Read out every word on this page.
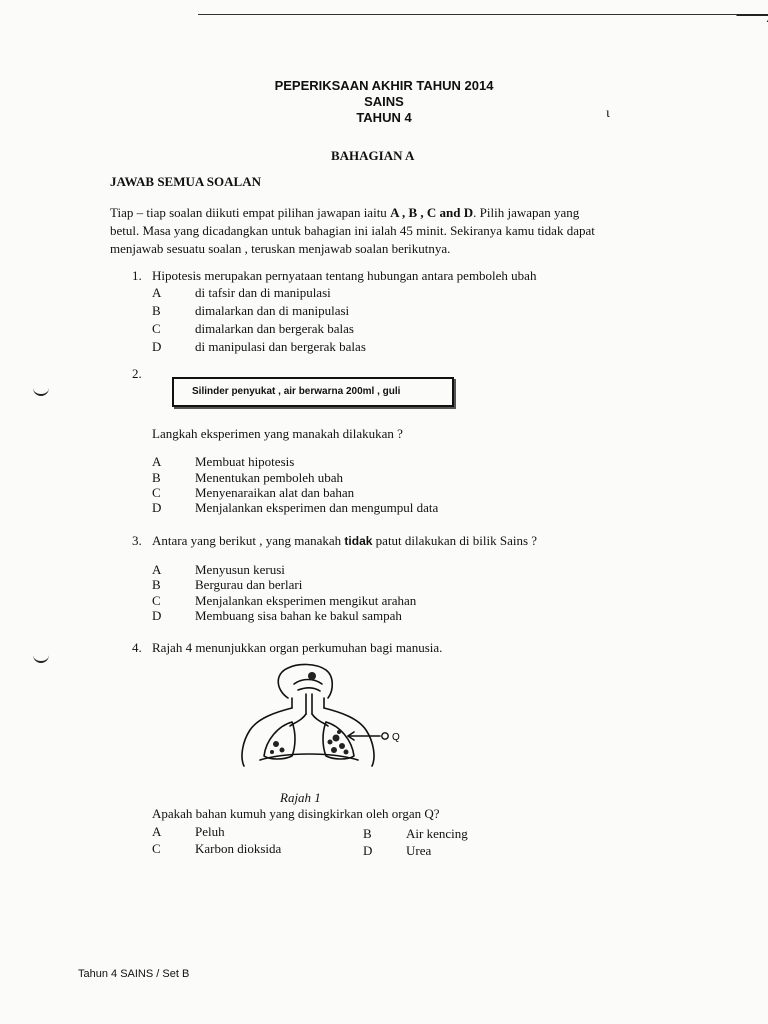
PEPERIKSAAN AKHIR TAHUN 2014
SAINS
TAHUN 4	ι
BAHAGIAN A
JAWAB SEMUA SOALAN
Tiap – tiap soalan diikuti empat pilihan jawapan iaitu A , B , C and D. Pilih jawapan yang
betul. Masa yang dicadangkan untuk bahagian ini ialah 45 minit. Sekiranya kamu tidak dapat
menjawab sesuatu soalan , teruskan menjawab soalan berikutnya.
1. Hipotesis merupakan pernyataan tentang hubungan antara pemboleh ubah
A	di tafsir dan di manipulasi
B	dimalarkan dan di manipulasi
C	dimalarkan dan bergerak balas
D	di manipulasi dan bergerak balas
2.
Silinder penyukat , air berwarna 200ml , guli
Langkah eksperimen yang manakah dilakukan ?
A	Membuat hipotesis
B	Menentukan pemboleh ubah
C	Menyenaraikan alat dan bahan
D	Menjalankan eksperimen dan mengumpul data
3. Antara yang berikut , yang manakah tidak patut dilakukan di bilik Sains ?
A	Menyusun kerusi
B	Bergurau dan berlari
C	Menjalankan eksperimen mengikut arahan
D	Membuang sisa bahan ke bakul sampah
4. Rajah 4 menunjukkan organ perkumuhan bagi manusia.
Q
Rajah 1
Apakah bahan kumuh yang disingkirkan oleh organ Q?
A	Peluh	B	Air kencing
C	Karbon dioksida	D	Urea
Tahun 4 SAINS / Set B
